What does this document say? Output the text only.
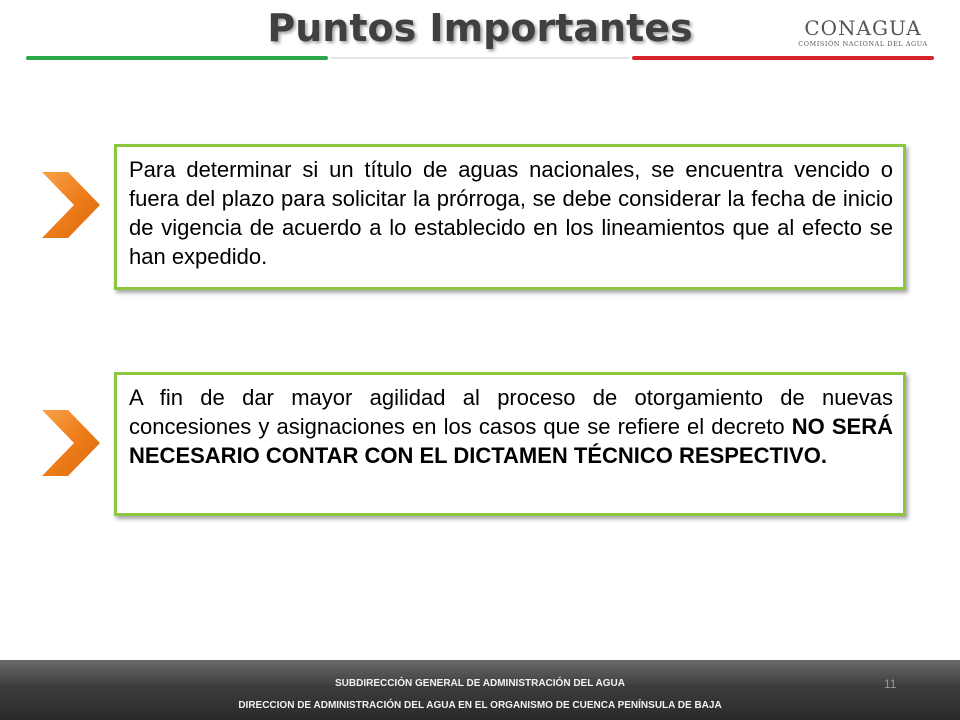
Puntos Importantes	CONAGUA
COMISIÓN NACIONAL DEL AGUA
Para determinar si un título de aguas nacionales, se encuentra vencido o fuera del plazo para solicitar la prórroga, se debe considerar la fecha de inicio de vigencia de acuerdo a lo establecido en los lineamientos que al efecto se han expedido.
A fin de dar mayor agilidad al proceso de otorgamiento de nuevas concesiones y asignaciones en los casos que se refiere el decreto NO SERÁ NECESARIO CONTAR CON EL DICTAMEN TÉCNICO RESPECTIVO.
SUBDIRECCIÓN GENERAL DE ADMINISTRACIÓN DEL AGUA
DIRECCION DE ADMINISTRACIÓN DEL AGUA EN EL ORGANISMO DE CUENCA PENÍNSULA DE BAJA
11
